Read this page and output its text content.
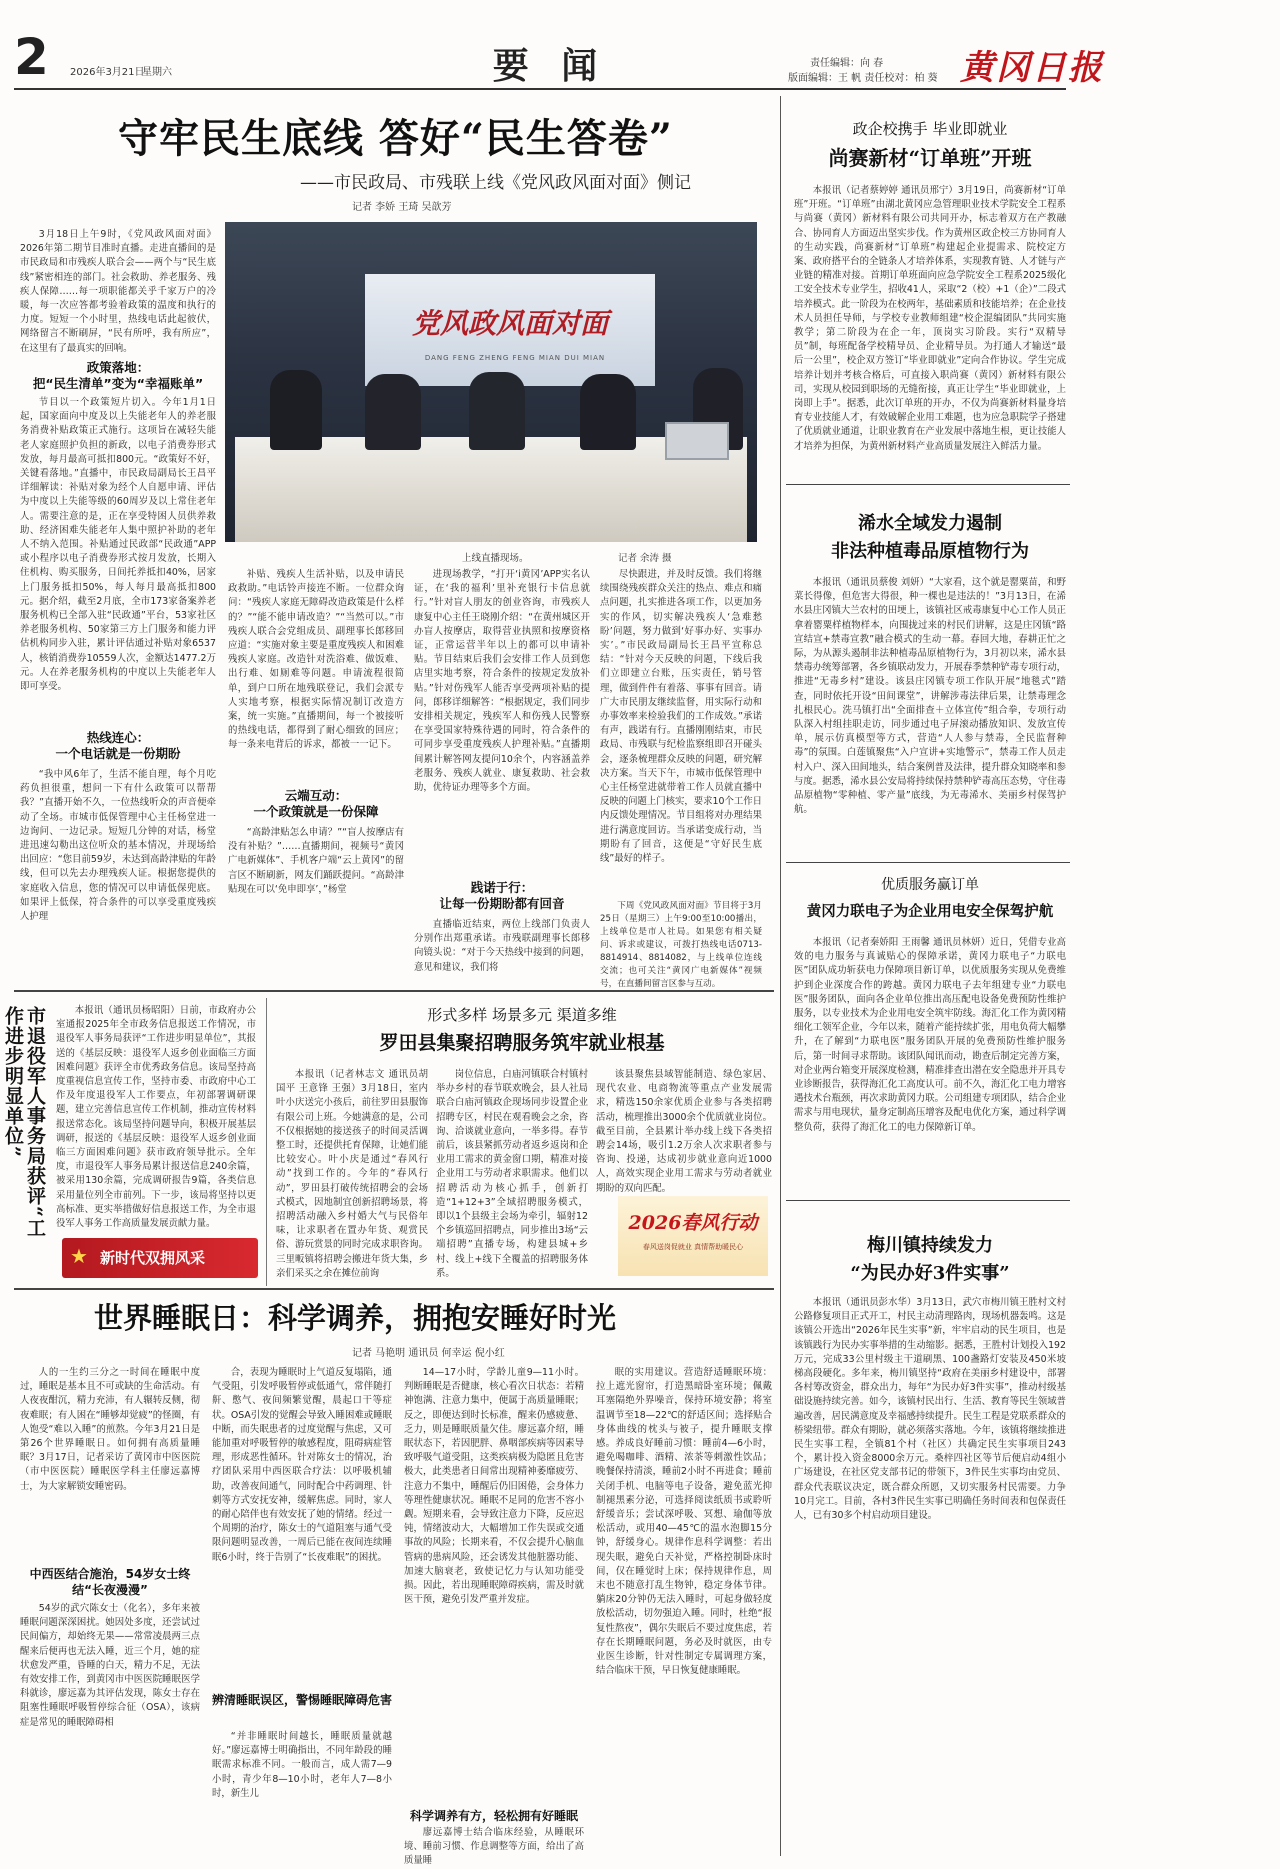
2 2026年3月21日
星期六	要 闻	责任编辑：向 春
版面编辑：王 帆 责任校对：柏 葵 黄冈日报
守牢民生底线 答好“民生答卷”
——市民政局、市残联上线《党风政风面对面》侧记
记者 李娇 王琦 吴歆芳
党风政风面对面
DANG FENG ZHENG FENG MIAN DUI MIAN
上线直播现场。	记者 余涛 摄

3月18日上午9时，《党风政风面对面》2026年第二期节目准时直播。走进直播间的是市民政局和市残疾人联合会——两个与“民生底线”紧密相连的部门。社会救助、养老服务、残疾人保障……每一项职能都关乎千家万户的冷暖，每一次应答都考验着政策的温度和执行的力度。短短一个小时里，热线电话此起彼伏，网络留言不断刷屏，“民有所呼，我有所应”，在这里有了最真实的回响。

政策落地：
把“民生清单”变为“幸福账单”

节目以一个政策短片切入。今年1月1日起，国家面向中度及以上失能老年人的养老服务消费补贴政策正式施行。这项旨在减轻失能老人家庭照护负担的新政，以电子消费券形式发放，每月最高可抵扣800元。“政策好不好，关键看落地。”直播中，市民政局副局长王昌平详细解读：补贴对象为经个人自愿申请、评估为中度以上失能等级的60周岁及以上常住老年人。需要注意的是，正在享受特困人员供养救助、经济困难失能老年人集中照护补助的老年人不纳入范围。补贴通过民政部“民政通”APP或小程序以电子消费券形式按月发放，长期入住机构、购买服务，日间托养抵扣40%，居家上门服务抵扣50%，每人每月最高抵扣800元。据介绍，截至2月底，全市173家备案养老服务机构已全部入驻“民政通”平台，53家社区养老服务机构、50家第三方上门服务和能力评估机构同步入驻，累计评估通过补贴对象6537人，核销消费券10559人次，金额达1477.2万元。人在养老服务机构的中度以上失能老年人即可享受。

热线连心：
一个电话就是一份期盼

“我中风6年了，生活不能自理，每个月吃药负担很重，想问一下有什么政策可以帮帮我？”直播开始不久，一位热线听众的声音便牵动了全场。市城市低保管理中心主任杨堂进一边询问、一边记录。短短几分钟的对话，杨堂进迅速勾勒出这位听众的基本情况，并现场给出回应：“您目前59岁，未达到高龄津贴的年龄线，但可以先去办理残疾人证。根据您提供的家庭收入信息，您的情况可以申请低保兜底。如果评上低保，符合条件的可以享受重度残疾人护理

补贴、残疾人生活补贴，以及申请民政救助。”电话铃声接连不断。一位群众询问：“残疾人家庭无障碍改造政策是什么样的？”“能不能申请改造？”“当然可以。”市残疾人联合会党组成员、副理事长郎移回应道：“实施对象主要是重度残疾人和困难残疾人家庭。改造针对洗浴难、做饭难、出行难、如厕难等问题。申请流程很简单，到户口所在地残联登记，我们会派专人实地考察，根据实际情况制订改造方案，统一实施。”直播期间，每一个被接听的热线电话，都得到了耐心细致的回应；每一条来电背后的诉求，都被一一记下。

云端互动：
一个政策就是一份保障

“高龄津贴怎么申请？”“盲人按摩店有没有补贴？”……直播期间，视频号“黄冈广电新媒体”、手机客户端“云上黄冈”的留言区不断刷新，网友们踊跃提问。“高龄津贴现在可以‘免申即享’，”杨堂

进现场教学，“打开‘i黄冈’APP实名认证，在‘我的福利’里补充银行卡信息就行。”针对盲人朋友的创业咨询，市残疾人康复中心主任王晓刚介绍：“在黄州城区开办盲人按摩店，取得营业执照和按摩资格证，正常运营半年以上的都可以申请补贴。节目结束后我们会安排工作人员到您店里实地考察，符合条件的按规定发放补贴。”针对伤残军人能否享受两项补贴的提问，郎移详细解答：“根据规定，我们同步安排相关规定，残疾军人和伤残人民警察在享受国家特殊待遇的同时，符合条件的可同步享受重度残疾人护理补贴。”直播期间累计解答网友提问10余个，内容涵盖养老服务、残疾人就业、康复救助、社会救助，优待证办理等多个方面。

践诺于行：
让每一份期盼都有回音

直播临近结束，两位上线部门负责人分别作出郑重承诺。市残联副理事长郎移向镜头说：“对于今天热线中接到的问题，意见和建议，我们将

尽快跟进，并及时反馈。我们将继续围绕残疾群众关注的热点、难点和痛点问题，扎实推进各项工作，以更加务实的作风，切实解决残疾人‘急难愁盼’问题，努力做到‘好事办好、实事办实’。”市民政局副局长王昌平宣称总结：“针对今天反映的问题，下线后我们立即建立台账，压实责任，销号管理，做到件件有着落、事事有回音。请广大市民朋友继续监督，用实际行动和办事效率来检验我们的工作成效。”承诺有声，践诺有行。直播刚刚结束，市民政局、市残联与纪检监察组即召开碰头会，逐条梳理群众反映的问题，研究解决方案。当天下午，市城市低保管理中心主任杨堂进就带着工作人员就直播中反映的问题上门核实，要求10个工作日内反馈处理情况。节目组将对办理结果进行满意度回访。当承诺变成行动，当期盼有了回音，这便是“守好民生底线”最好的样子。

下周《党风政风面对面》节目将于3月25日（星期三）上午9:00至10:00播出，上线单位是市人社局。如果您有相关疑问、诉求或建议，可拨打热线电话0713-8814914、8814082，与上线单位连线交流；也可关注“黄冈广电新媒体”视频号，在直播间留言区参与互动。

政企校携手 毕业即就业
尚赛新材“订单班”开班

本报讯（记者蔡婷婷 通讯员邢宁）3月19日，尚赛新材“订单班”开班。“订单班”由湖北黄冈应急管理职业技术学院安全工程系与尚赛（黄冈）新材料有限公司共同开办，标志着双方在产教融合、协同育人方面迈出坚实步伐。作为黄州区政企校三方协同育人的生动实践，尚赛新材“订单班”构建起企业提需求、院校定方案、政府搭平台的全链条人才培养体系，实现教育链、人才链与产业链的精准对接。首期订单班面向应急学院安全工程系2025级化工安全技术专业学生，招收41人，采取“2（校）+1（企）”二段式培养模式。此一阶段为在校两年，基础素质和技能培养；在企业技术人员担任导师，与学校专业教师组建“校企混编团队”共同实施教学；第二阶段为在企一年，顶岗实习阶段。实行“双精导员”制，每班配备学校精导员、企业精导员。为打通人才输送“最后一公里”，校企双方签订“毕业即就业”定向合作协议。学生完成培养计划并考核合格后，可直接入职尚赛（黄冈）新材料有限公司，实现从校园到职场的无缝衔接，真正让学生“毕业即就业，上岗即上手”。据悉，此次订单班的开办，不仅为尚赛新材料量身培育专业技能人才，有效破解企业用工难题，也为应急职院学子搭建了优质就业通道，让职业教育在产业发展中落地生根，更让技能人才培养为担保，为黄州新材料产业高质量发展注入鲜活力量。

浠水全域发力遏制
非法种植毒品原植物行为

本报讯（通讯员蔡俊 刘妍）“大家看，这个就是罂粟苗，和野菜长得像，但危害大得很，种一棵也是违法的！”3月13日，在浠水县庄冈镇大兰农村的田埂上，该镇社区戒毒康复中心工作人员正拿着罂粟样植物样本，向围拢过来的村民们讲解，这是庄冈镇“路宣结宣+禁毒宣教”融合模式的生动一幕。春回大地，春耕正忙之际，为从源头遏制非法种植毒品原植物行为，3月初以来，浠水县禁毒办统筹部署，各乡镇联动发力，开展春季禁种铲毒专项行动，推进“无毒乡村”建设。该县庄冈镇专项工作队开展“地毯式”踏查，同时依托开设“田间课堂”，讲解涉毒法律后果，让禁毒理念扎根民心。洗马镇打出“全面排查＋立体宣传”组合拳，专项行动队深入村组挂职走访，同步通过电子屏滚动播放知识、发放宣传单，展示仿真模型等方式，营造“人人参与禁毒，全民监督种毒”的氛围。白莲镇聚焦“入户宣讲+实地警示”，禁毒工作人员走村入户、深入田间地头，结合案例普及法律，提升群众知晓率和参与度。据悉，浠水县公安局将持续保持禁种铲毒高压态势，守住毒品原植物“零种植、零产量”底线，为无毒浠水、美丽乡村保驾护航。

优质服务赢订单
黄冈力联电子为企业用电安全保驾护航

本报讯（记者秦娇阳 王雨馨 通讯员林妍）近日，凭借专业高效的电力服务与真诚贴心的保障承诺，黄冈力联电子“力联电医”团队成功斩获电力保障项目新订单，以优质服务实现从免费维护到企业深度合作的跨越。黄冈力联电子去年组建专业“力联电医”服务团队，面向各企业单位推出高压配电设备免费预防性维护服务，以专业技术为企业用电安全筑牢防线。海汇化工作为黄冈精细化工领军企业，今年以来，随着产能持续扩张，用电负荷大幅攀升，在了解到“力联电医”服务团队开展的免费预防性维护服务后，第一时间寻求帮助。该团队闻讯而动，勘查后制定完善方案，对企业两台箱变开展深度检测，精准排查出潜在安全隐患并开具专业诊断报告，获得海汇化工高度认可。前不久，海汇化工电力增容遇技术台瓶颈，再次求助黄冈力联。公司组建专项团队，结合企业需求与用电现状，量身定制高压增容及配电优化方案，通过科学调整负荷，获得了海汇化工的电力保障新订单。

梅川镇持续发力
“为民办好3件实事”

本报讯（通讯员彭水华）3月13日，武穴市梅川镇王胜村文村公路修复项目正式开工，村民主动清理路肉，现场机器轰鸣。这是该镇公开选出“2026年民生实事”新，牢牢启动的民生项目，也是该镇践行为民办实事举措的生动缩影。据悉，王胜村计划投入192万元，完成33公里村级主干道刷黑、100盏路灯安装及450米坡梯高段硬化。多年来，梅川镇坚持“政府在美丽乡村建设中，部署各村筹改资金，群众出力，每年“为民办好3件实事”，推动村级基础设施持续完善。如今，该镇村民出行、生活、教育等民生领域普遍改善，居民满意度及幸福感持续提升。民生工程是党联系群众的桥梁纽带。群众有期盼，就必须落实落地。今年，该镇将继续推进民生实事工程，全镇81个村（社区）共确定民生实事项目243个，累计投入资金8000余万元。桑梓四社区等节后便启动4组小广场建设，在社区党支部书记的带领下，3件民生实事均由党员、群众代表联议决定，既合群众所愿，又切实服务村民需要。力争10月完工。目前，各村3件民生实事已明确任务时间表和包保责任人，已有30多个村启动项目建设。

市退役军人事务局获评“工作进步明显单位”	本报讯（通讯员杨昭阳）日前，市政府办公室通报2025年全市政务信息报送工作情况，市退役军人事务局获评“工作进步明显单位”，其报送的《基层反映：退役军人返乡创业面临三方面困难问题》获评全市优秀政务信息。该局坚持高度重视信息宣传工作，坚持市委、市政府中心工作及年度退役军人工作要点，年初部署调研课题，建立完善信息宣传工作机制，推动宣传材料报送常态化。该局坚持问题导向，积极开展基层调研，报送的《基层反映：退役军人返乡创业面临三方面困难问题》获市政府领导批示。全年度，市退役军人事务局累计报送信息240余篇，被采用130余篇，完成调研报告9篇，各类信息采用量位列全市前列。下一步，该局将坚持以更高标准、更实举措做好信息报送工作，为全市退役军人事务工作高质量发展贡献力量。

★ 新时代双拥风采
形式多样 场景多元 渠道多维
罗田县集聚招聘服务筑牢就业根基

本报讯（记者林志文 通讯员胡国平 王意锋 王强）3月18日，室内叶小庆送完小孩后，前往罗田县服饰有限公司上班。今她满意的是，公司不仅根据她的接送孩子的时间灵活调整工时，还提供托育保障，让她们能比较安心。叶小庆是通过“春风行动”找到工作的。今年的“春风行动”，罗田县打破传统招聘会的会场式模式，因地制宜创新招聘场景，将招聘活动融入乡村婚大气与民俗年味，让求职者在置办年货、观赏民俗、游玩赏景的同时完成求职咨询。三里畈镇将招聘会搬进年货大集，乡亲们采买之余在摊位前询

岗位信息，白庙河镇联合村镇村举办乡村的春节联欢晚会，县人社局联合白庙河镇政企现场同步设置企业招聘专区，村民在观看晚会之余，咨询、洽谈就业意向，一举多得。春节前后，该县紧抓劳动者返乡返岗和企业用工需求的黄金窗口期，精准对接企业用工与劳动者求职需求。他们以招聘活动为核心抓手，创新打造“1+12+3”全域招聘服务模式，即以1个县级主会场为牵引，辐射12个乡镇巡回招聘点，同步推出3场“云端招聘”直播专场，构建县城+乡村、线上+线下全覆盖的招聘服务体系。

该县聚焦县域智能制造、绿色家居、现代农业、电商物流等重点产业发展需求，精选150余家优质企业参与各类招聘活动，梳理推出3000余个优质就业岗位。截至目前，全县累计举办线上线下各类招聘会14场，吸引1.2万余人次求职者参与咨询、投递，达成初步就业意向近1000人，高效实现企业用工需求与劳动者就业期盼的双向匹配。

2026春风行动
春风送岗促就业 真情帮助暖民心
世界睡眠日：科学调养，拥抱安睡好时光
记者 马艳明 通讯员 何幸运 倪小红

人的一生约三分之一时间在睡眠中度过，睡眠是基本且不可或缺的生命活动。有人夜夜酣沉，精力充沛，有人辗转反侧，彻夜难眠；有人困在“睡够却觉疲”的怪圈，有人饱受“难以入睡”的煎熬。今年3月21日是第26个世界睡眠日。如何拥有高质量睡眠？3月17日，记者采访了黄冈市中医医院（市中医医院）睡眠医学科主任廖远嘉博士，为大家解锁安睡密码。

中西医结合施治，54岁女士终结“长夜漫漫”

54岁的武穴陈女士（化名），多年来被睡眠问题深深困扰。她因处多度，还尝试过民间偏方，却始终无果——常常凌晨两三点醒来后便再也无法入睡，近三个月，她的症状愈发严重，昏睡的白天，精力不足，无法有效安排工作，到黄冈市中医医院睡眠医学科就诊，廖远嘉为其评估发现，陈女士存在阻塞性睡眠呼吸暂停综合征（OSA），该病症是常见的睡眠障碍相

合，表现为睡眠时上气道反复塌陷，通气受阻，引发呼吸暂停或低通气，常伴随打鼾、憋气、夜间频繁觉醒，晨起口干等症状。OSA引发的觉醒会导致入睡困难或睡眠中断，而失眠患者的过度觉醒与焦虑，又可能加重对呼吸暂停的敏感程度，阻碍病症管理，形成恶性循环。针对陈女士的情况，治疗团队采用中西医联合疗法：以呼吸机辅助，改善夜间通气，同时配合中药调理、针刺等方式安抚安神，缓解焦虑。同时，家人的耐心陪伴也有效安抚了她的情绪。经过一个周期的治疗，陈女士的气道阻塞与通气受限问题明显改善，一周后已能在夜间连续睡眠6小时，终于告别了“长夜难眠”的困扰。

辨清睡眠误区，警惕睡眠障碍危害

“并非睡眠时间越长，睡眠质量就越好。”廖远嘉博士明确指出，不同年龄段的睡眠需求标准不同。一般而言，成人需7—9小时，青少年8—10小时，老年人7—8小时，新生儿

14—17小时，学龄儿童9—11小时。判断睡眠是否健康，核心看次日状态：若精神饱满、注意力集中，便属于高质量睡眠；反之，即便达到时长标准，醒来仍感疲惫、乏力，则是睡眠质量欠佳。廖远嘉介绍，睡眠状态下，若因肥胖、鼻咽部疾病等因素导致呼吸气道受阻，这类疾病极为隐匿且危害极大，此类患者日间常出现精神萎靡疲劳、注意力不集中，睡醒后仍旧困倦，会身体力等理性健康状况。睡眠不足同的危害不容小觑。短期来看，会导致注意力下降，反应迟钝，情绪波动大，大幅增加工作失误或交通事故的风险；长期来看，不仅会提升心脑血管病的患病风险，还会诱发其他脏器功能、加速大脑衰老，致使记忆力与认知功能受损。因此，若出现睡眠障碍疾病，需及时就医干预，避免引发严重并发症。

科学调养有方，轻松拥有好睡眠

廖远嘉博士结合临床经验，从睡眠环境、睡前习惯、作息调整等方面，给出了高质量睡

眠的实用建议。营造舒适睡眠环境：拉上遮光窗帘，打造黑暗卧室环境；佩戴耳塞隔绝外界噪音，保持环境安静；将室温调节至18—22℃的舒适区间；选择贴合身体曲线的枕头与被子，提升睡眠支撑感。养成良好睡前习惯：睡前4—6小时，避免喝咖啡、酒精、浓茶等刺激性饮品；晚餐保持清淡，睡前2小时不再进食；睡前关闭手机、电脑等电子设备，避免蓝光抑制褪黑素分泌，可选择阅读纸质书或聆听舒缓音乐；尝试深呼吸、冥想、瑜伽等放松活动，或用40—45℃的温水泡脚15分钟，舒缓身心。规律作息科学调整：若出现失眠，避免白天补觉，严格控制卧床时间，仅在睡觉时上床；保持规律作息，周末也不随意打乱生物钟，稳定身体节律。躺床20分钟仍无法入睡时，可起身做轻度放松活动，切勿强迫入睡。同时，杜绝“报复性熬夜”，偶尔失眠后不要过度焦虑，若存在长期睡眠问题，务必及时就医，由专业医生诊断，针对性制定专属调理方案，结合临床干预，早日恢复健康睡眠。
